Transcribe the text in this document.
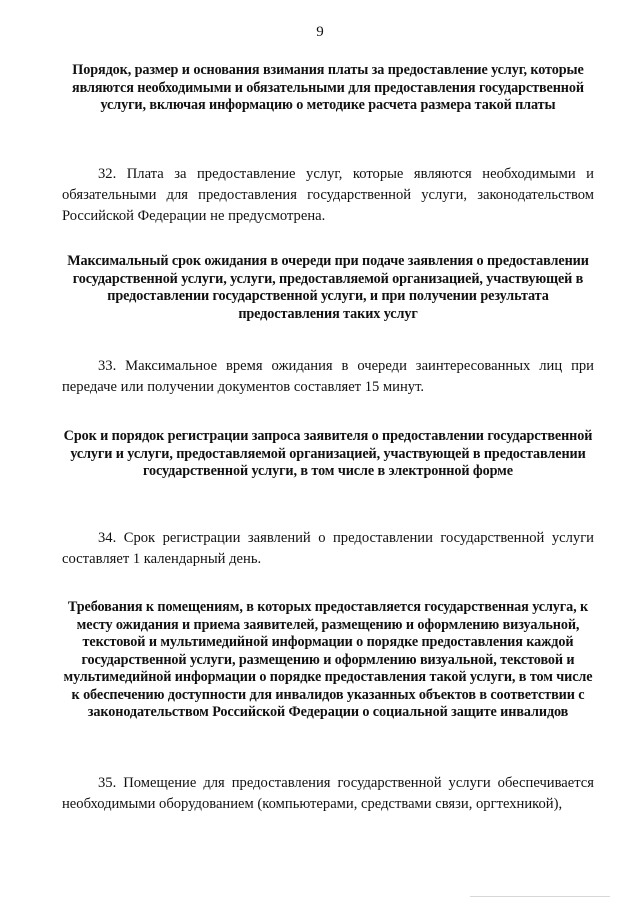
9
Порядок, размер и основания взимания платы за предоставление услуг, которые являются необходимыми и обязательными для предоставления государственной услуги, включая информацию о методике расчета размера такой платы
32. Плата за предоставление услуг, которые являются необходимыми и обязательными для предоставления государственной услуги, законодательством Российской Федерации не предусмотрена.
Максимальный срок ожидания в очереди при подаче заявления о предоставлении государственной услуги, услуги, предоставляемой организацией, участвующей в предоставлении государственной услуги, и при получении результата предоставления таких услуг
33. Максимальное время ожидания в очереди заинтересованных лиц при передаче или получении документов составляет 15 минут.
Срок и порядок регистрации запроса заявителя о предоставлении государственной услуги и услуги, предоставляемой организацией, участвующей в предоставлении государственной услуги, в том числе в электронной форме
34. Срок регистрации заявлений о предоставлении государственной услуги составляет 1 календарный день.
Требования к помещениям, в которых предоставляется государственная услуга, к месту ожидания и приема заявителей, размещению и оформлению визуальной, текстовой и мультимедийной информации о порядке предоставления каждой государственной услуги, размещению и оформлению визуальной, текстовой и мультимедийной информации о порядке предоставления такой услуги, в том числе к обеспечению доступности для инвалидов указанных объектов в соответствии с законодательством Российской Федерации о социальной защите инвалидов
35. Помещение для предоставления государственной услуги обеспечивается необходимыми оборудованием (компьютерами, средствами связи, оргтехникой),
